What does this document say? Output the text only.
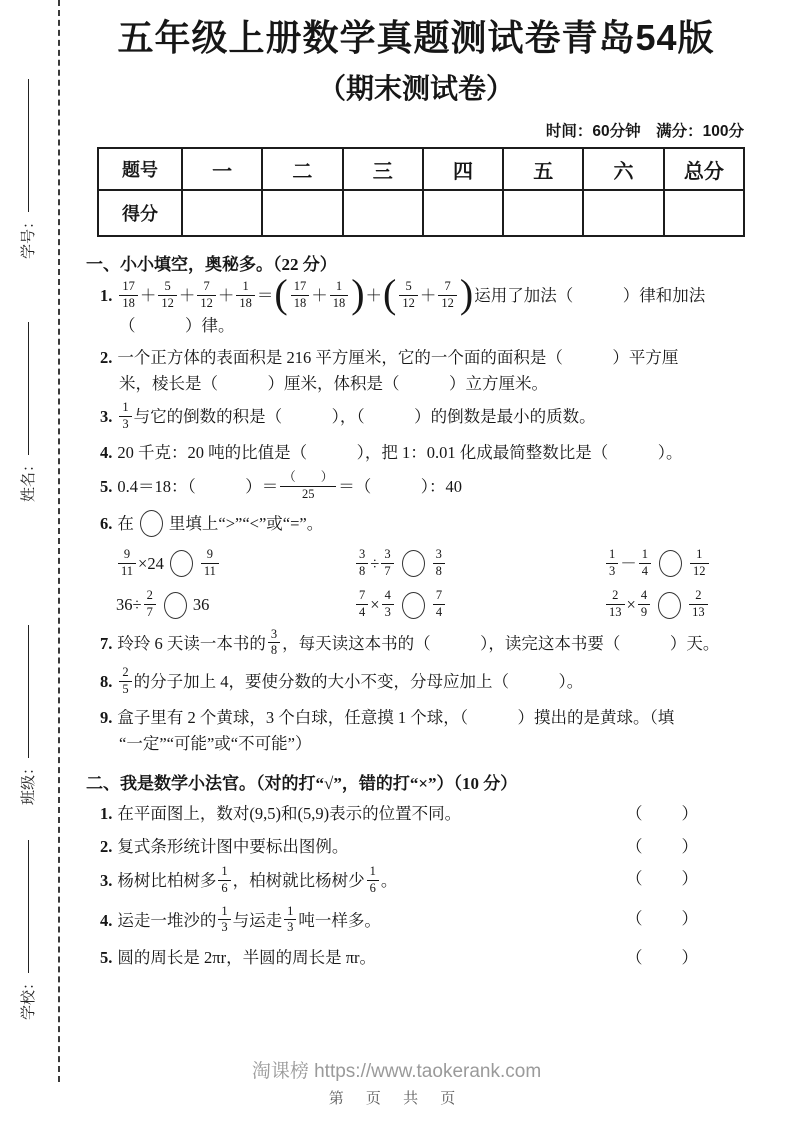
学号：
姓名：
班级：
学校：
五年级上册数学真题测试卷青岛54版
（期末测试卷）
时间：60分钟　满分：100分
题号	一	二	三	四	五	六	总分
得分							
一、小小填空，奥秘多。（22 分）
1. $\frac{17}{18} + \frac{5}{12} + \frac{7}{12} + \frac{1}{18}$ ＝( $\frac{17}{18} + \frac{1}{18}$ )＋( $\frac{5}{12} + \frac{7}{12}$ )运用了加法（　　　）律和加法
（　　　）律。
2. 一个正方体的表面积是 216 平方厘米，它的一个面的面积是（　　　）平方厘
米，棱长是（　　　）厘米，体积是（　　　）立方厘米。
3. $\frac{1}{3}$ 与它的倒数的积是（　　　），（　　　）的倒数是最小的质数。
4. 20 千克：20 吨的比值是（　　　），把 1：0.01 化成最简整数比是（　　　）。
5. 0.4＝18：（　　　）＝ $\frac{( )}{25}$ ＝（　　　）：40
6. 在 里填上“>”“<”或“=”。
$\frac{9}{11} \times 24$	$\frac{9}{11}$	$\frac{3}{8} \div \frac{3}{7}$	$\frac{3}{8}$	$\frac{1}{3} - \frac{1}{4}$	$\frac{1}{12}$
$36\div \frac{2}{7} 36$	$\frac{7}{4} \times \frac{4}{3}$	$\frac{7}{4}$	$\frac{2}{13} \times \frac{4}{9}$	$\frac{2}{13}$
7. 玲玲 6 天读一本书的 $\frac{3}{8}$ ，每天读这本书的（　　　），读完这本书要（　　　）天。
8. $\frac{2}{5}$ 的分子加上 4，要使分数的大小不变，分母应加上（　　　）。
9. 盒子里有 2 个黄球，3 个白球，任意摸 1 个球，（　　　）摸出的是黄球。（填
“一定”“可能”或“不可能”）
二、我是数学小法官。（对的打“√”，错的打“×”）（10 分）
1. 在平面图上，数对(9,5)和(5,9)表示的位置不同。	（　　）
2. 复式条形统计图中要标出图例。	（　　）
3. 杨树比柏树多 $\frac{1}{6}$ ，柏树就比杨树少 $\frac{1}{6}$ 。	（　　）
4. 运走一堆沙的 $\frac{1}{3}$ 与运走 $\frac{1}{3}$ 吨一样多。	（　　）
5. 圆的周长是 2πr，半圆的周长是 πr。	（　　）
淘课榜 https://www.taokerank.com
第 页 共 页
